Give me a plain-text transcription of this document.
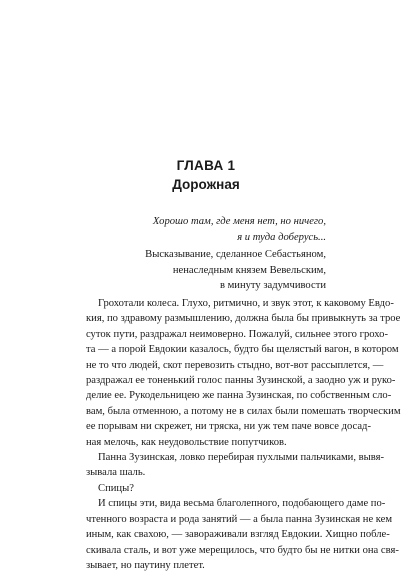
ГЛАВА 1
Дорожная
Хорошо там, где меня нет, но ничего,
я и туда доберусь...
Высказывание, сделанное Себастьяном,
ненаследным князем Вевельским,
в минуту задумчивости
Грохотали колеса. Глухо, ритмично, и звук этот, к каковому Евдо-
кия, по здравому размышлению, должна была бы привыкнуть за трое
суток пути, раздражал неимоверно. Пожалуй, сильнее этого грохо-
та — а порой Евдокии казалось, будто бы щелястый вагон, в котором
не то что людей, скот перевозить стыдно, вот-вот рассыплется, —
раздражал ее тоненький голос панны Зузинской, а заодно уж и руко-
делие ее. Рукодельницею же панна Зузинская, по собственным сло-
вам, была отменною, а потому не в силах были помешать творческим
ее порывам ни скрежет, ни тряска, ни уж тем паче вовсе досад-
ная мелочь, как неудовольствие попутчиков.
Панна Зузинская, ловко перебирая пухлыми пальчиками, вывя-
зывала шаль.
Спицы?
И спицы эти, вида весьма благолепного, подобающего даме по-
чтенного возраста и рода занятий — а была панна Зузинская не кем
иным, как свахою, — завораживали взгляд Евдокии. Хищно побле-
скивала сталь, и вот уже мерещилось, что будто бы не нитки она свя-
зывает, но паутину плетет.
